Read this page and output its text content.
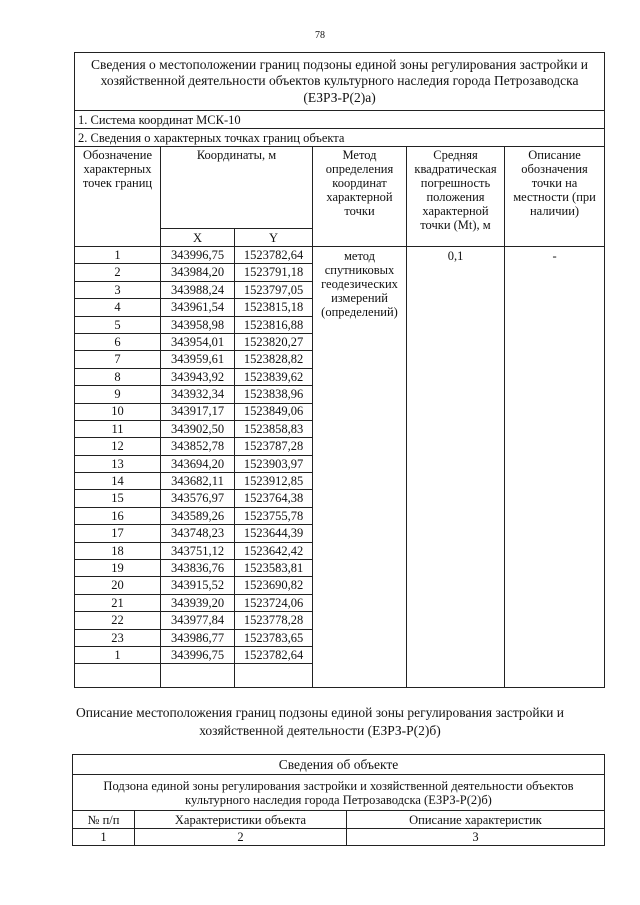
78
Сведения о местоположении границ подзоны единой зоны регулирования застройки и хозяйственной деятельности объектов культурного наследия города Петрозаводска (ЕЗРЗ-Р(2)а)					
1. Система координат МСК-10					
2. Сведения о характерных точках границ объекта					
Обозначение характерных точек границ	Координаты, м		Метод определения координат характерной точки	Средняя квадратическая погрешность положения характерной точки (Mt), м	Описание обозначения точки на местности (при наличии)
	X	Y			
1	343996,75	1523782,64	метод спутниковых геодезических измерений (определений)	0,1	-
2	343984,20	1523791,18			
3	343988,24	1523797,05			
4	343961,54	1523815,18			
5	343958,98	1523816,88			
6	343954,01	1523820,27			
7	343959,61	1523828,82			
8	343943,92	1523839,62			
9	343932,34	1523838,96			
10	343917,17	1523849,06			
11	343902,50	1523858,83			
12	343852,78	1523787,28			
13	343694,20	1523903,97			
14	343682,11	1523912,85			
15	343576,97	1523764,38			
16	343589,26	1523755,78			
17	343748,23	1523644,39			
18	343751,12	1523642,42			
19	343836,76	1523583,81			
20	343915,52	1523690,82			
21	343939,20	1523724,06			
22	343977,84	1523778,28			
23	343986,77	1523783,65			
1	343996,75	1523782,64			

Описание местоположения границ подзоны единой зоны регулирования застройки и хозяйственной деятельности (ЕЗРЗ-Р(2)б)
Сведения об объекте		
Подзона единой зоны регулирования застройки и хозяйственной деятельности объектов культурного наследия города Петрозаводска (ЕЗРЗ-Р(2)б)		
№ п/п	Характеристики объекта	Описание характеристик
1	2	3
